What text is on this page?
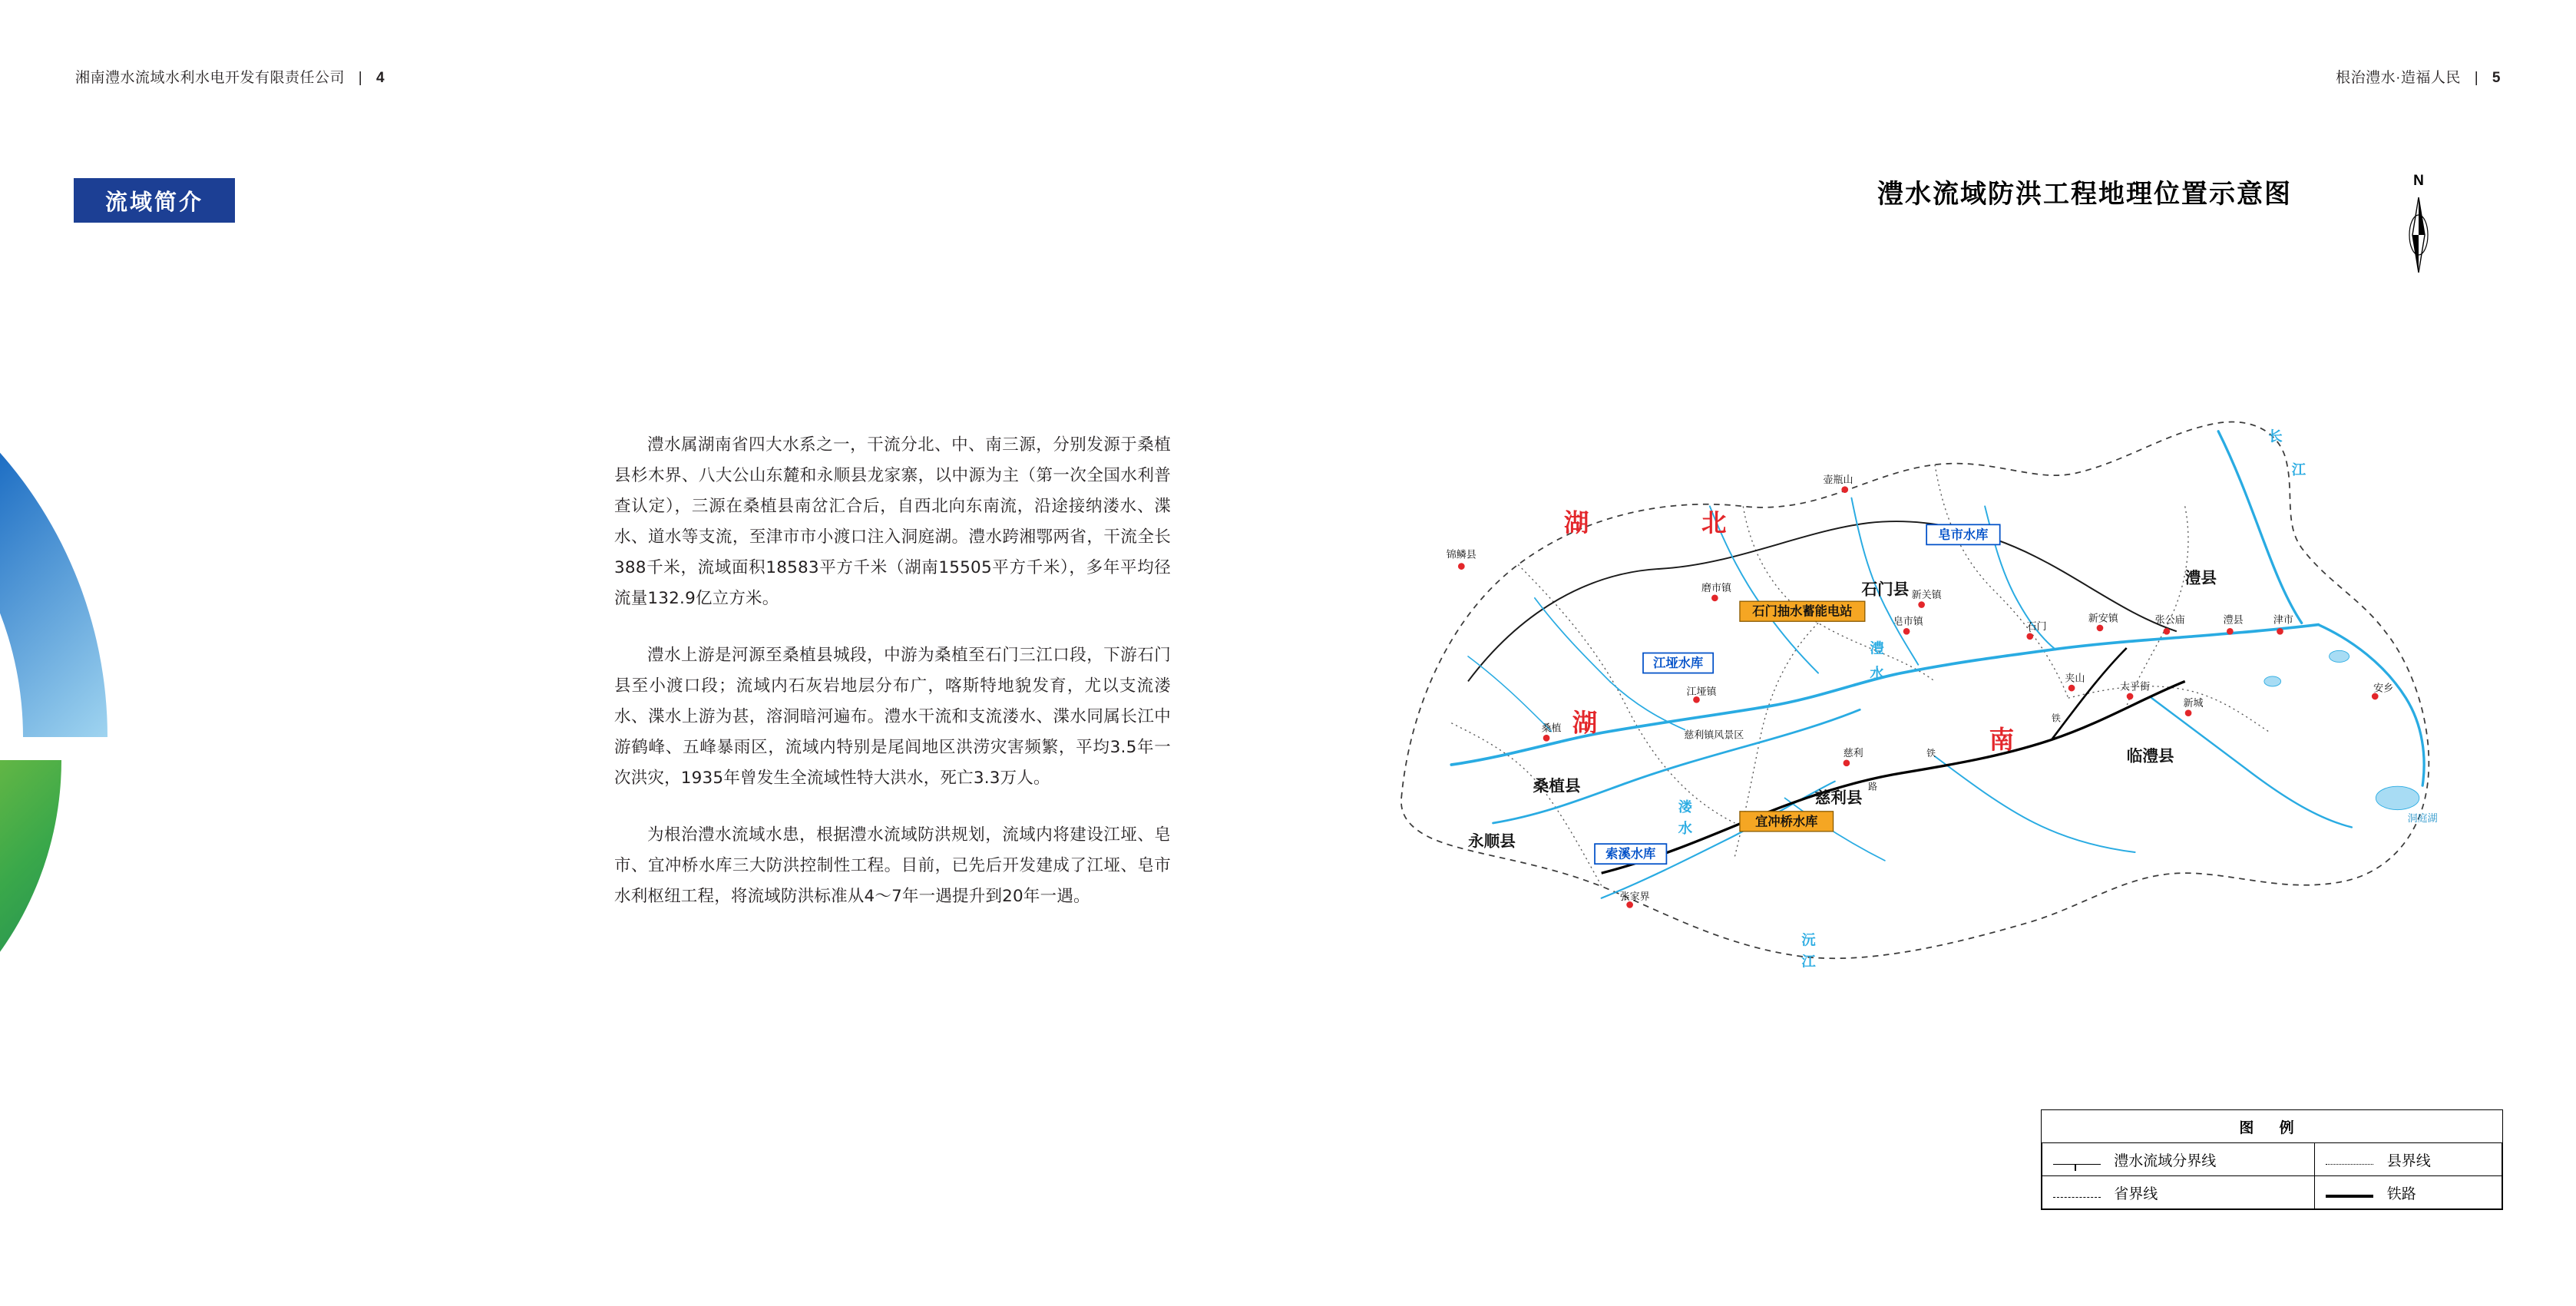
湘南澧水流域水利水电开发有限责任公司 | 4
流域简介

澧水属湖南省四大水系之一，干流分北、中、南三源，分别发源于桑植县杉木界、八大公山东麓和永顺县龙家寨，以中源为主（第一次全国水利普查认定），三源在桑植县南岔汇合后，自西北向东南流，沿途接纳溇水、渫水、道水等支流，至津市市小渡口注入洞庭湖。澧水跨湘鄂两省，干流全长388千米，流域面积18583平方千米（湖南15505平方千米），多年平均径流量132.9亿立方米。

澧水上游是河源至桑植县城段，中游为桑植至石门三江口段，下游石门县至小渡口段；流域内石灰岩地层分布广，喀斯特地貌发育，尤以支流溇水、渫水上游为甚，溶洞暗河遍布。澧水干流和支流溇水、渫水同属长江中游鹤峰、五峰暴雨区，流域内特别是尾闾地区洪涝灾害频繁，平均3.5年一次洪灾，1935年曾发生全流域性特大洪水，死亡3.3万人。

为根治澧水流域水患，根据澧水流域防洪规划，流域内将建设江垭、皂市、宜冲桥水库三大防洪控制性工程。目前，已先后开发建成了江垭、皂市水利枢纽工程，将流域防洪标准从4～7年一遇提升到20年一遇。

根治澧水·造福人民 | 5
澧水流域防洪工程地理位置示意图	N
湖	北
湖
南
石门县
澧县
桑植县
慈利县
临澧县
永顺县
皂市水库
江垭水库
宜冲桥水库
索溪水库
石门抽水蓄能电站
壶瓶山
锦鳞县
磨市镇
新关镇
皂市镇	石门
新安镇	张公庙	澧县	津市
江垭镇
夹山
太平街	安乡
桑植
新城
慈利镇风景区
慈利
张家界
洞庭湖
长
江
澧
水
溇
水
沅
江
铁
路
铁
图 例	
澧水流域分界线	县界线
省界线	铁路
